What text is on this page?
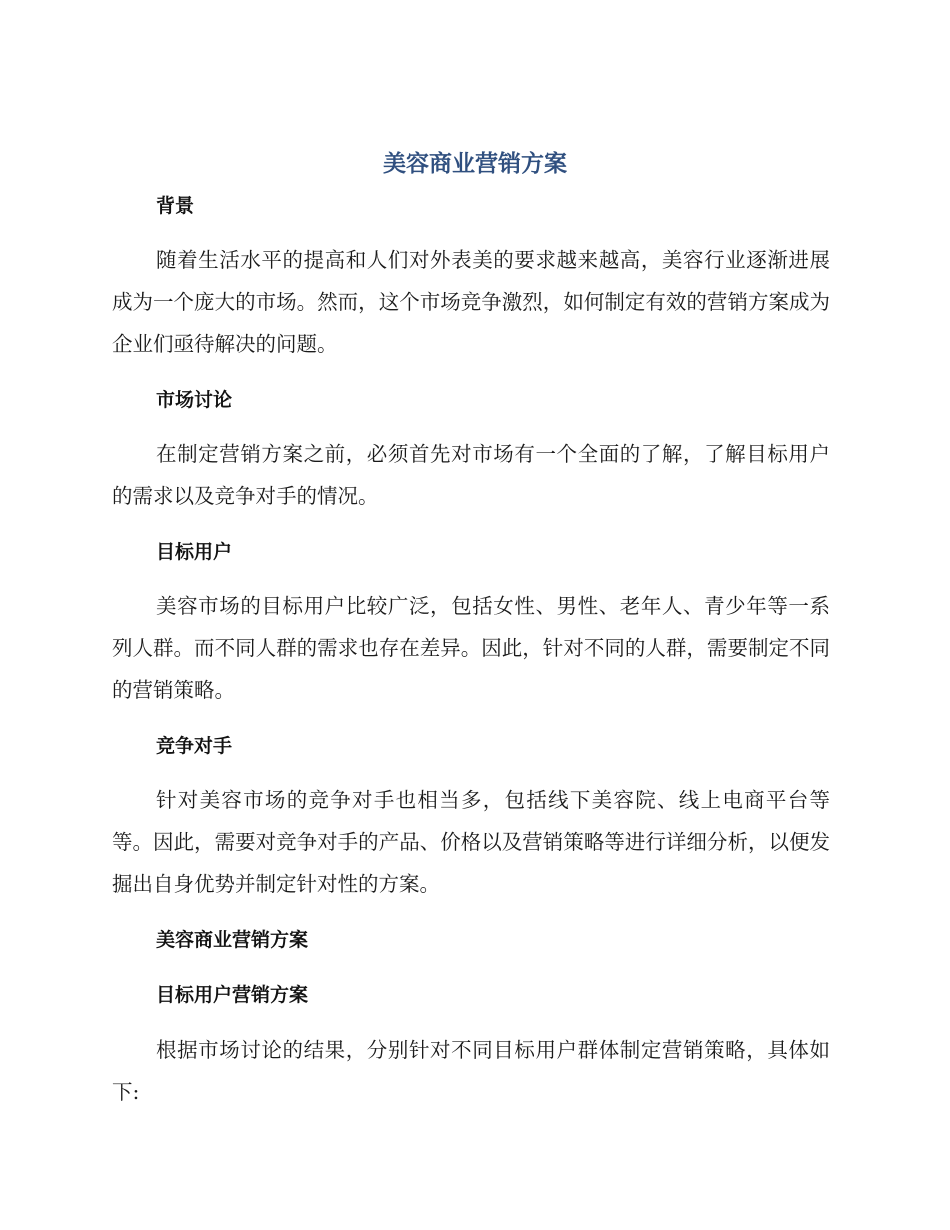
美容商业营销方案
背景

随着生活水平的提高和人们对外表美的要求越来越高，美容行业逐渐进展成为一个庞大的市场。然而，这个市场竞争激烈，如何制定有效的营销方案成为企业们亟待解决的问题。

市场讨论

在制定营销方案之前，必须首先对市场有一个全面的了解，了解目标用户的需求以及竞争对手的情况。

目标用户

美容市场的目标用户比较广泛，包括女性、男性、老年人、青少年等一系列人群。而不同人群的需求也存在差异。因此，针对不同的人群，需要制定不同的营销策略。

竞争对手

针对美容市场的竞争对手也相当多，包括线下美容院、线上电商平台等等。因此，需要对竞争对手的产品、价格以及营销策略等进行详细分析，以便发掘出自身优势并制定针对性的方案。

美容商业营销方案
目标用户营销方案

根据市场讨论的结果，分别针对不同目标用户群体制定营销策略，具体如下:
